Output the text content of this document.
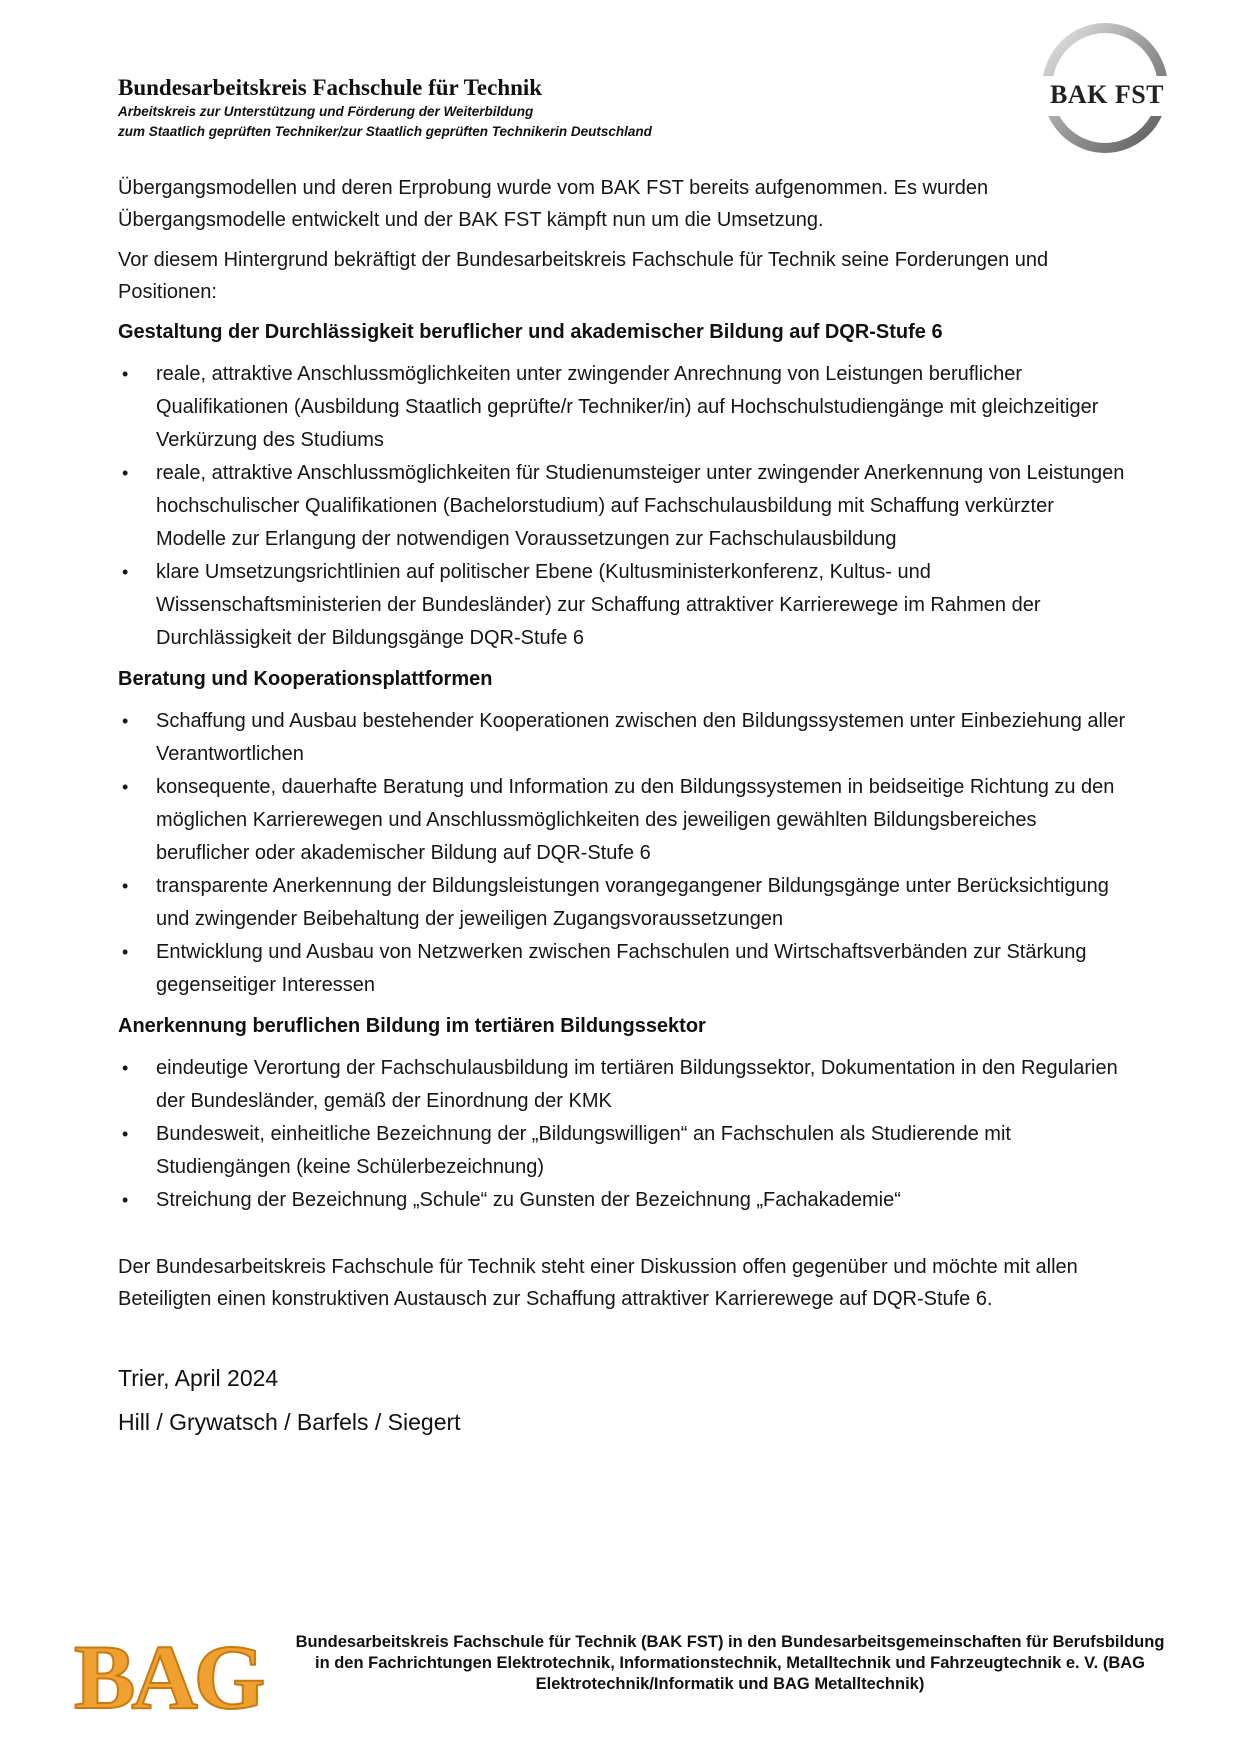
Bundesarbeitskreis Fachschule für Technik
Arbeitskreis zur Unterstützung und Förderung der Weiterbildung
zum Staatlich geprüften Techniker/zur Staatlich geprüften Technikerin Deutschland
BAK FST

Übergangsmodellen und deren Erprobung wurde vom BAK FST bereits aufgenommen. Es wurden Übergangsmodelle entwickelt und der BAK FST kämpft nun um die Umsetzung.

Vor diesem Hintergrund bekräftigt der Bundesarbeitskreis Fachschule für Technik seine Forderungen und Positionen:

Gestaltung der Durchlässigkeit beruflicher und akademischer Bildung auf DQR-Stufe 6
• reale, attraktive Anschlussmöglichkeiten unter zwingender Anrechnung von Leistungen beruflicher Qualifikationen (Ausbildung Staatlich geprüfte/r Techniker/in) auf Hochschulstudiengänge mit gleichzeitiger Verkürzung des Studiums
• reale, attraktive Anschlussmöglichkeiten für Studienumsteiger unter zwingender Anerkennung von Leistungen hochschulischer Qualifikationen (Bachelorstudium) auf Fachschulausbildung mit Schaffung verkürzter Modelle zur Erlangung der notwendigen Voraussetzungen zur Fachschulausbildung
• klare Umsetzungsrichtlinien auf politischer Ebene (Kultusministerkonferenz, Kultus- und Wissenschaftsministerien der Bundesländer) zur Schaffung attraktiver Karrierewege im Rahmen der Durchlässigkeit der Bildungsgänge DQR-Stufe 6
Beratung und Kooperationsplattformen
• Schaffung und Ausbau bestehender Kooperationen zwischen den Bildungssystemen unter Einbeziehung aller Verantwortlichen
• konsequente, dauerhafte Beratung und Information zu den Bildungssystemen in beidseitige Richtung zu den möglichen Karrierewegen und Anschlussmöglichkeiten des jeweiligen gewählten Bildungsbereiches beruflicher oder akademischer Bildung auf DQR-Stufe 6
• transparente Anerkennung der Bildungsleistungen vorangegangener Bildungsgänge unter Berücksichtigung und zwingender Beibehaltung der jeweiligen Zugangsvoraussetzungen
• Entwicklung und Ausbau von Netzwerken zwischen Fachschulen und Wirtschaftsverbänden zur Stärkung gegenseitiger Interessen
Anerkennung beruflichen Bildung im tertiären Bildungssektor
• eindeutige Verortung der Fachschulausbildung im tertiären Bildungssektor, Dokumentation in den Regularien der Bundesländer, gemäß der Einordnung der KMK
• Bundesweit, einheitliche Bezeichnung der „Bildungswilligen“ an Fachschulen als Studierende mit Studiengängen (keine Schülerbezeichnung)
• Streichung der Bezeichnung „Schule“ zu Gunsten der Bezeichnung „Fachakademie“

Der Bundesarbeitskreis Fachschule für Technik steht einer Diskussion offen gegenüber und möchte mit allen Beteiligten einen konstruktiven Austausch zur Schaffung attraktiver Karrierewege auf DQR-Stufe 6.

Trier, April 2024
Hill / Grywatsch / Barfels / Siegert
BAG	Bundesarbeitskreis Fachschule für Technik (BAK FST) in den Bundesarbeitsgemeinschaften für Berufsbildung in den Fachrichtungen Elektrotechnik, Informationstechnik, Metalltechnik und Fahrzeugtechnik e. V. (BAG Elektrotechnik/Informatik und BAG Metalltechnik)
